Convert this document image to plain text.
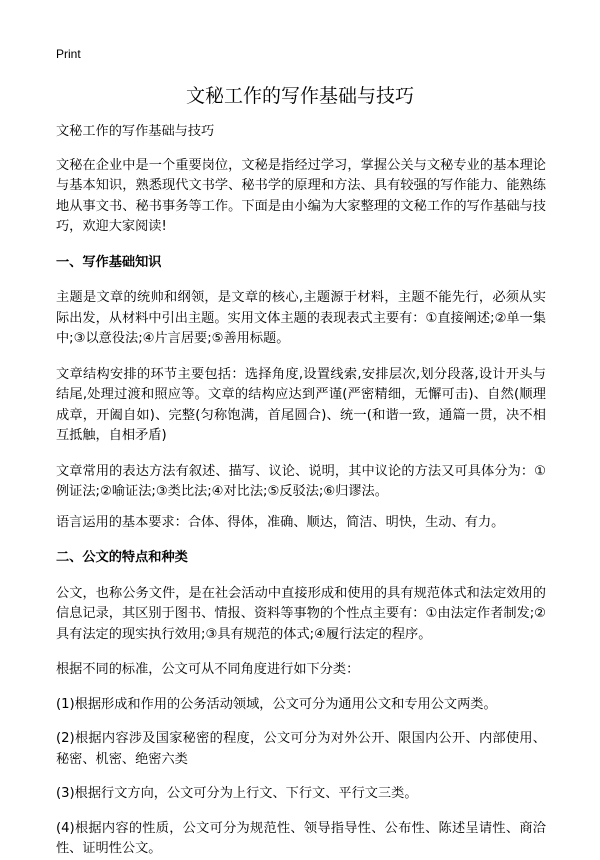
Print
文秘工作的写作基础与技巧

文秘工作的写作基础与技巧

文秘在企业中是一个重要岗位，文秘是指经过学习，掌握公关与文秘专业的基本理论与基本知识，熟悉现代文书学、秘书学的原理和方法、具有较强的写作能力、能熟练地从事文书、秘书事务等工作。下面是由小编为大家整理的文秘工作的写作基础与技巧，欢迎大家阅读!

一、写作基础知识

主题是文章的统帅和纲领，是文章的核心,主题源于材料，主题不能先行，必须从实际出发，从材料中引出主题。实用文体主题的表现表式主要有：①直接阐述;②单一集中;③以意役法;④片言居要;⑤善用标题。

文章结构安排的环节主要包括：选择角度,设置线索,安排层次,划分段落,设计开头与结尾,处理过渡和照应等。文章的结构应达到严谨(严密精细，无懈可击)、自然(顺理成章，开阖自如)、完整(匀称饱满，首尾圆合)、统一(和谐一致，通篇一贯，决不相互抵触，自相矛盾)

文章常用的表达方法有叙述、描写、议论、说明，其中议论的方法又可具体分为：①例证法;②喻证法;③类比法;④对比法;⑤反驳法;⑥归谬法。

语言运用的基本要求：合体、得体，准确、顺达，简洁、明快，生动、有力。

二、公文的特点和种类

公文，也称公务文件，是在社会活动中直接形成和使用的具有规范体式和法定效用的信息记录，其区别于图书、情报、资料等事物的个性点主要有：①由法定作者制发;②具有法定的现实执行效用;③具有规范的体式;④履行法定的程序。

根据不同的标准，公文可从不同角度进行如下分类：

(1)根据形成和作用的公务活动领域，公文可分为通用公文和专用公文两类。

(2)根据内容涉及国家秘密的程度，公文可分为对外公开、限国内公开、内部使用、秘密、机密、绝密六类

(3)根据行文方向，公文可分为上行文、下行文、平行文三类。

(4)根据内容的性质，公文可分为规范性、领导指导性、公布性、陈述呈请性、商洽性、证明性公文。
